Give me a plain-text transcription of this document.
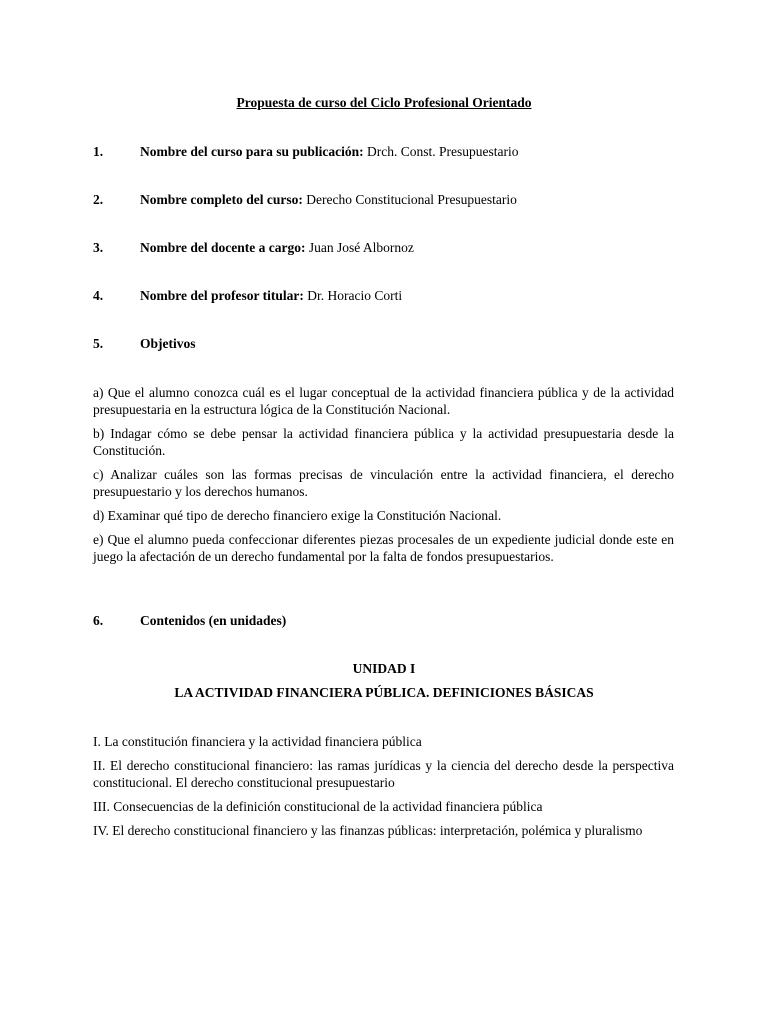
Propuesta de curso del Ciclo Profesional Orientado
1.	Nombre del curso para su publicación: Drch. Const. Presupuestario
2.	Nombre completo del curso: Derecho Constitucional Presupuestario
3.	Nombre del docente a cargo: Juan José Albornoz
4.	Nombre del profesor titular: Dr. Horacio Corti
5.	Objetivos
a) Que el alumno conozca cuál es el lugar conceptual de la actividad financiera pública y de la actividad presupuestaria en la estructura lógica de la Constitución Nacional.
b) Indagar cómo se debe pensar la actividad financiera pública y la actividad presupuestaria desde la Constitución.
c) Analizar cuáles son las formas precisas de vinculación entre la actividad financiera, el derecho presupuestario y los derechos humanos.
d) Examinar qué tipo de derecho financiero exige la Constitución Nacional.
e) Que el alumno pueda confeccionar diferentes piezas procesales de un expediente judicial donde este en juego la afectación de un derecho fundamental por la falta de fondos presupuestarios.
6.	Contenidos (en unidades)
UNIDAD I
LA ACTIVIDAD FINANCIERA PÚBLICA. DEFINICIONES BÁSICAS
I. La constitución financiera y la actividad financiera pública
II. El derecho constitucional financiero: las ramas jurídicas y la ciencia del derecho desde la perspectiva constitucional. El derecho constitucional presupuestario
III. Consecuencias de la definición constitucional de la actividad financiera pública
IV. El derecho constitucional financiero y las finanzas públicas: interpretación, polémica y pluralismo
